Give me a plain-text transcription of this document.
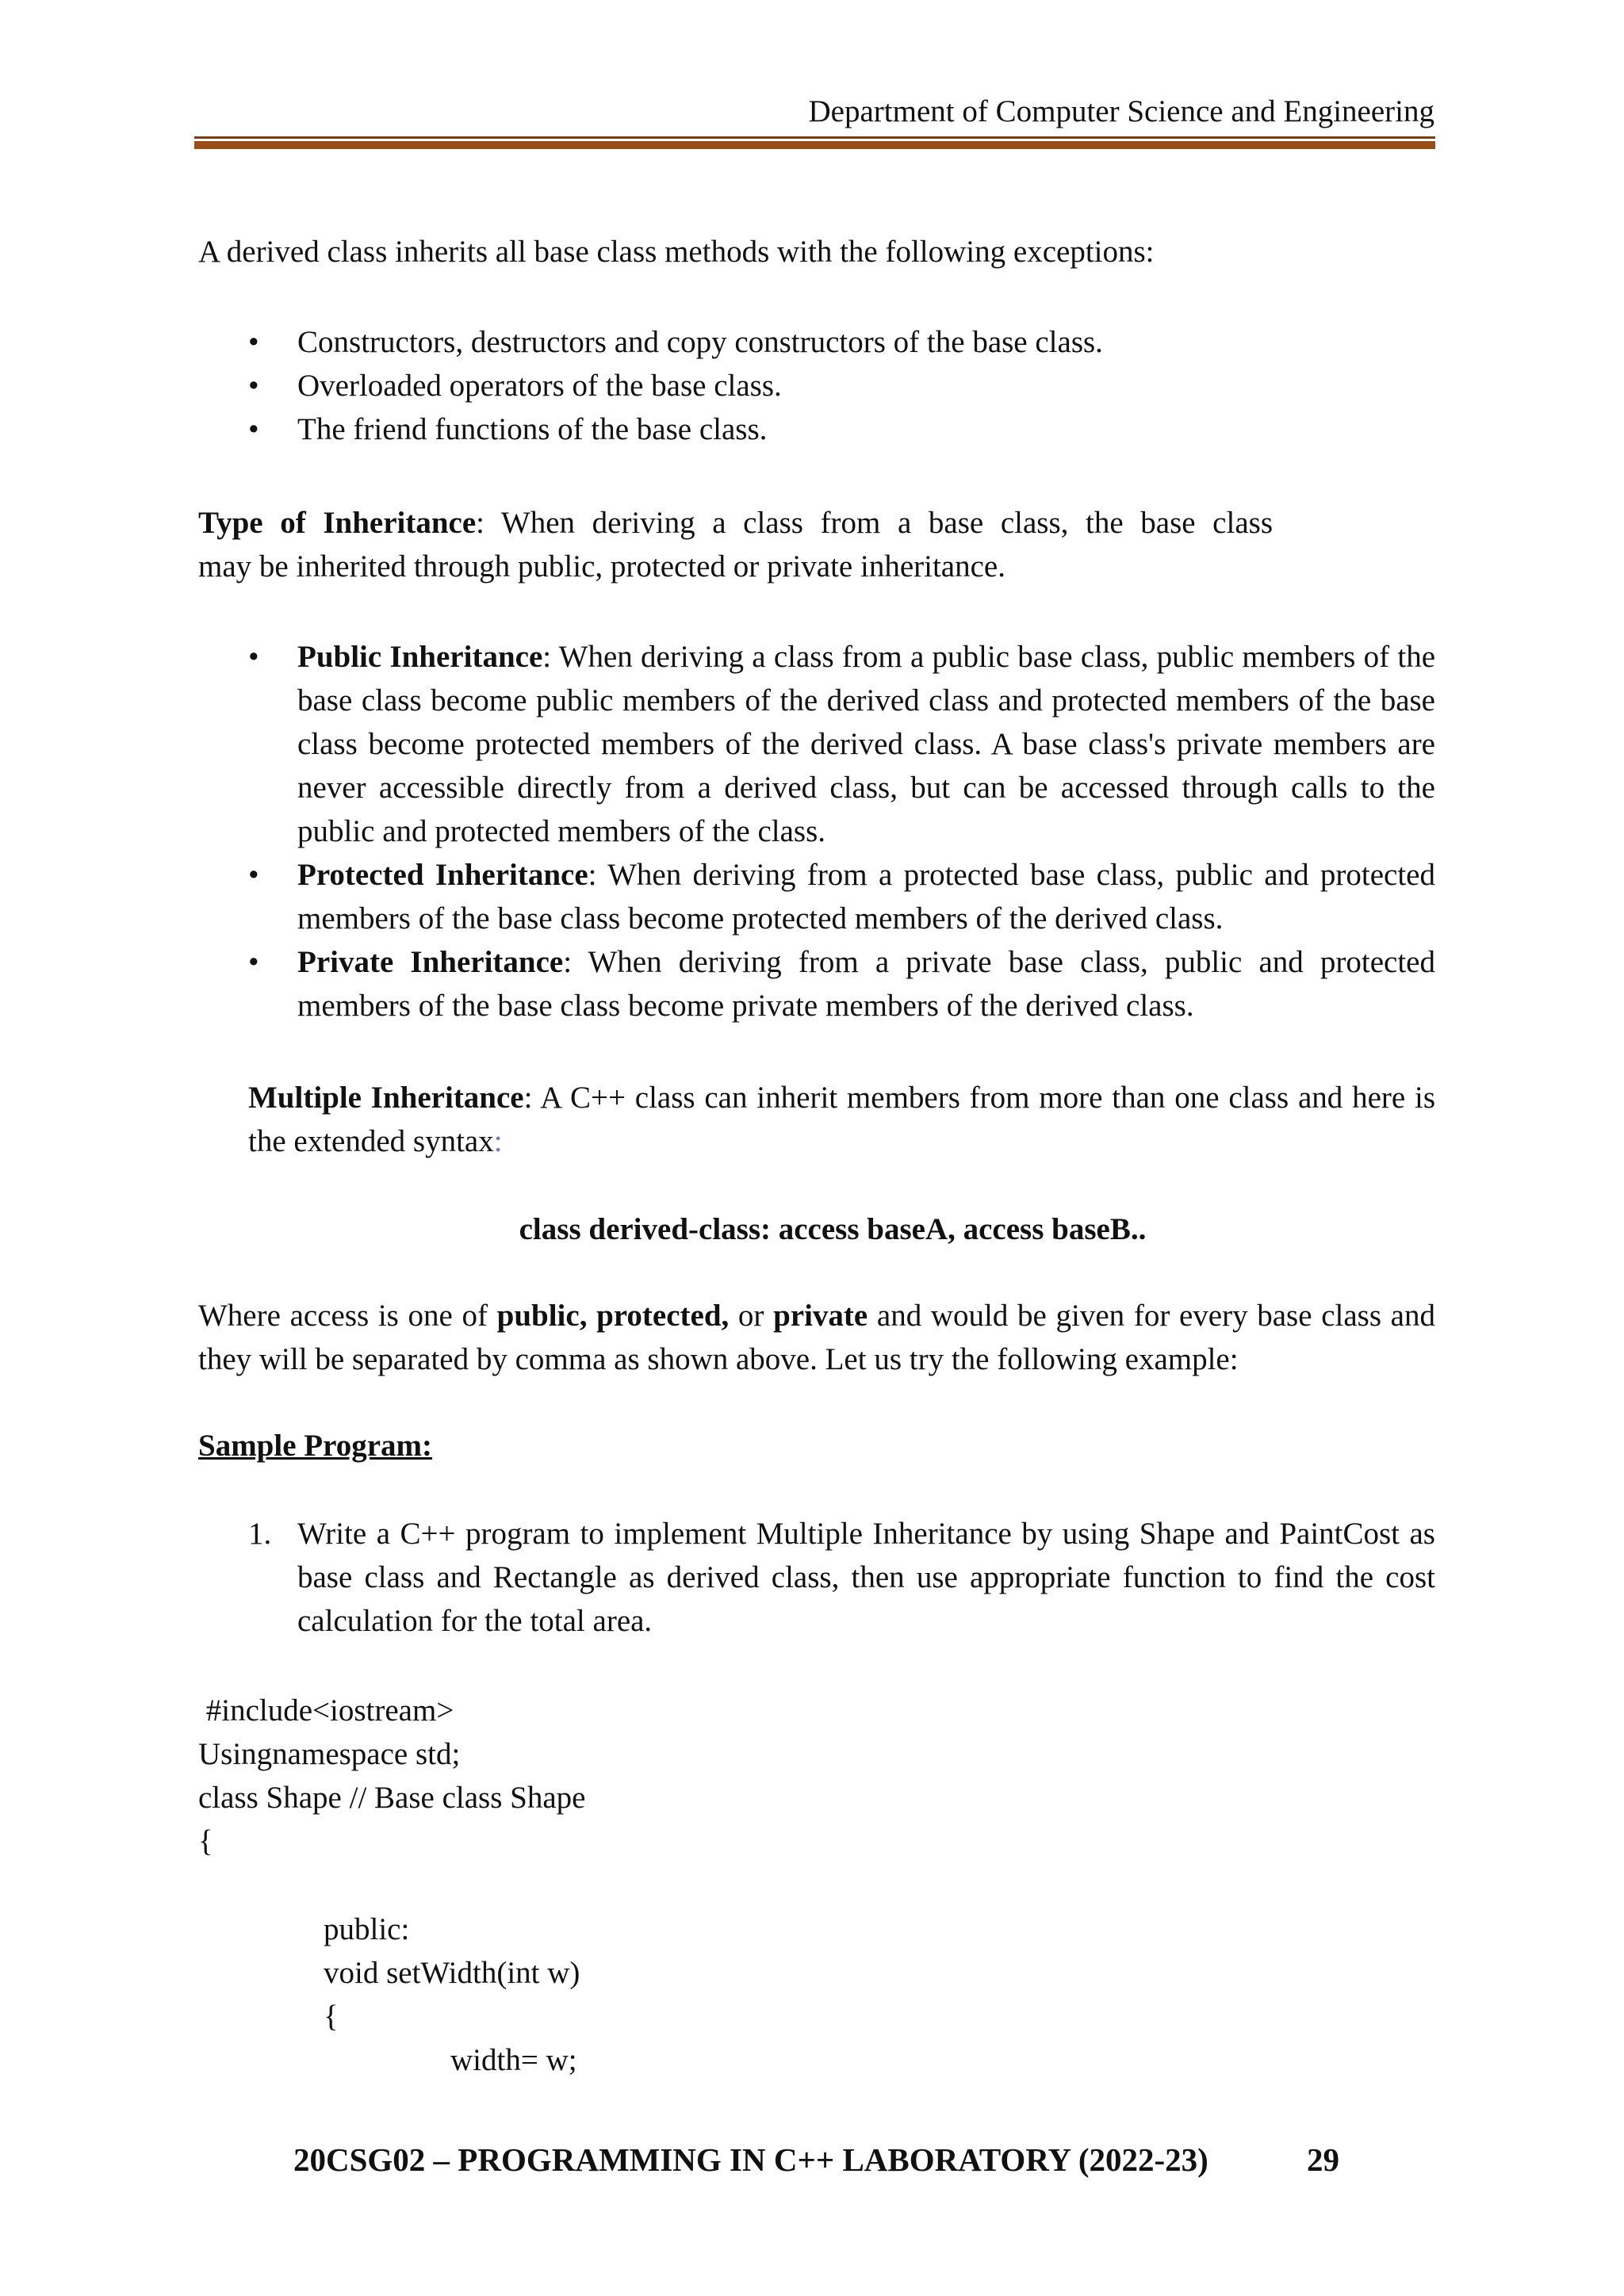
Department of Computer Science and Engineering
A derived class inherits all base class methods with the following exceptions:
• Constructors, destructors and copy constructors of the base class.
• Overloaded operators of the base class.
• The friend functions of the base class.
Type of Inheritance: When deriving a class from a base class, the base class
may be inherited through public, protected or private inheritance.
• Public Inheritance: When deriving a class from a public base class, public members of the base class become public members of the derived class and protected members of the base class become protected members of the derived class. A base class's private members are never accessible directly from a derived class, but can be accessed through calls to the public and protected members of the class.
• Protected Inheritance: When deriving from a protected base class, public and protected members of the base class become protected members of the derived class.
• Private Inheritance: When deriving from a private base class, public and protected members of the base class become private members of the derived class.
Multiple Inheritance: A C++ class can inherit members from more than one class and here is the extended syntax:
class derived-class: access baseA, access baseB..
Where access is one of public, protected, or private and would be given for every base class and they will be separated by comma as shown above. Let us try the following example:
Sample Program:
1. Write a C++ program to implement Multiple Inheritance by using Shape and PaintCost as base class and Rectangle as derived class, then use appropriate function to find the cost calculation for the total area.
#include<iostream>
Usingnamespace std;
class Shape // Base class Shape
{
public:
void setWidth(int w)
{
width= w;
20CSG02 – PROGRAMMING IN C++ LABORATORY (2022-23)	29
